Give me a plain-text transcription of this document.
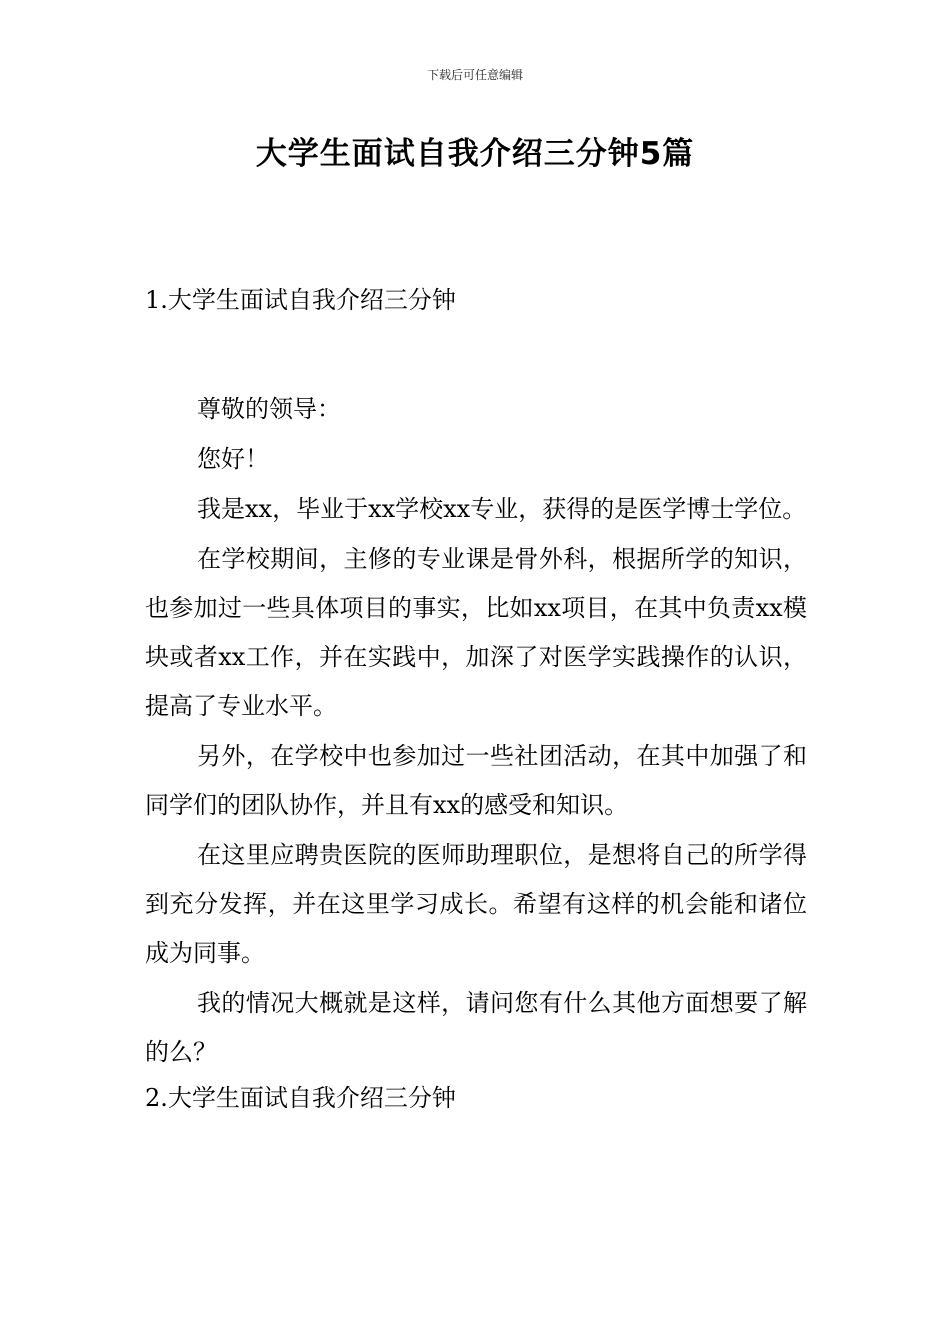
下载后可任意编辑
大学生面试自我介绍三分钟5篇
1.大学生面试自我介绍三分钟

尊敬的领导：

您好！

我是xx，毕业于xx学校xx专业，获得的是医学博士学位。

在学校期间，主修的专业课是骨外科，根据所学的知识，也参加过一些具体项目的事实，比如xx项目，在其中负责xx模块或者xx工作，并在实践中，加深了对医学实践操作的认识，提高了专业水平。

另外，在学校中也参加过一些社团活动，在其中加强了和同学们的团队协作，并且有xx的感受和知识。

在这里应聘贵医院的医师助理职位，是想将自己的所学得到充分发挥，并在这里学习成长。希望有这样的机会能和诸位成为同事。

我的情况大概就是这样，请问您有什么其他方面想要了解的么？

2.大学生面试自我介绍三分钟
